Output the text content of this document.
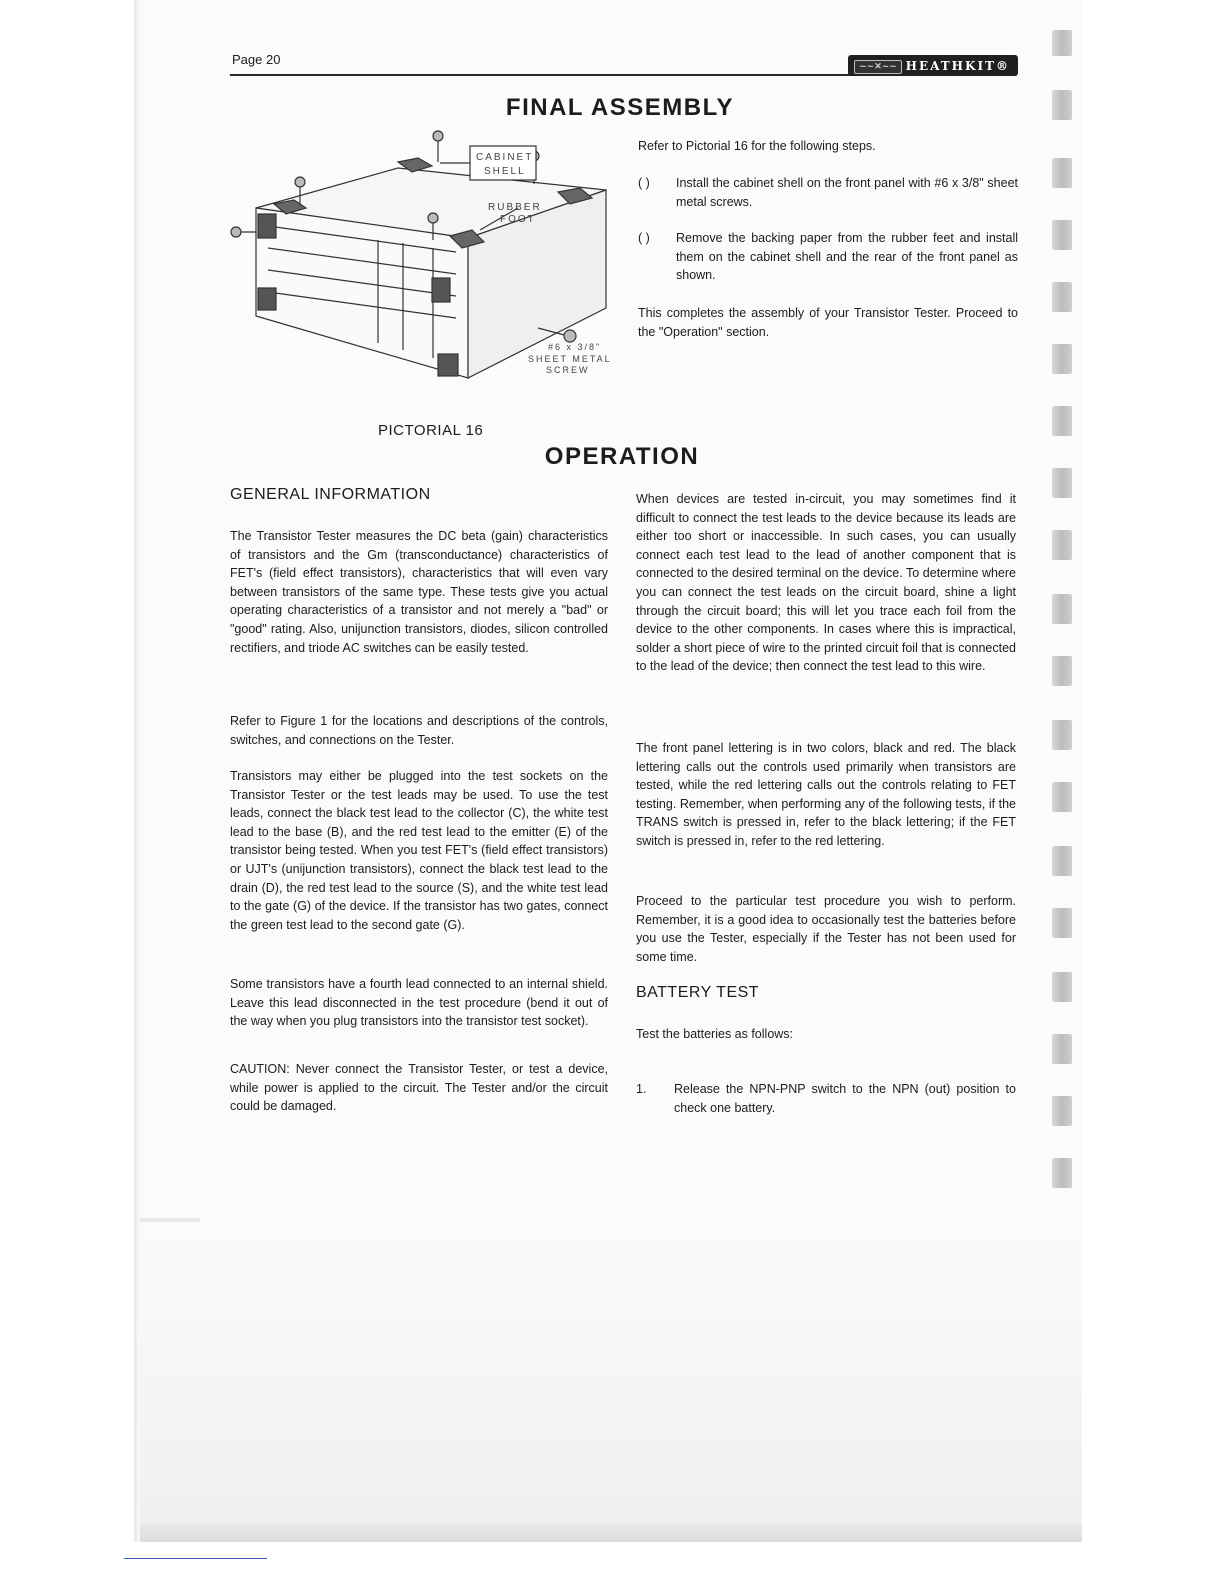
Page 20	~~✕~~ HEATHKIT®
FINAL ASSEMBLY
CABINET
SHELL
RUBBER
FOOT
#6 x 3/8"
SHEET METAL
SCREW

Refer to Pictorial 16 for the following steps.

( )	Install the cabinet shell on the front panel with #6 x 3/8" sheet metal screws.
( )	Remove the backing paper from the rubber feet and install them on the cabinet shell and the rear of the front panel as shown.

This completes the assembly of your Transistor Tester. Proceed to the "Operation" section.

PICTORIAL 16
OPERATION
GENERAL INFORMATION

The Transistor Tester measures the DC beta (gain) characteristics of transistors and the Gm (transconductance) characteristics of FET's (field effect transistors), characteristics that will even vary between transistors of the same type. These tests give you actual operating characteristics of a transistor and not merely a "bad" or "good" rating. Also, unijunction transistors, diodes, silicon controlled rectifiers, and triode AC switches can be easily tested.

Refer to Figure 1 for the locations and descriptions of the controls, switches, and connections on the Tester.

Transistors may either be plugged into the test sockets on the Transistor Tester or the test leads may be used. To use the test leads, connect the black test lead to the collector (C), the white test lead to the base (B), and the red test lead to the emitter (E) of the transistor being tested. When you test FET's (field effect transistors) or UJT's (unijunction transistors), connect the black test lead to the drain (D), the red test lead to the source (S), and the white test lead to the gate (G) of the device. If the transistor has two gates, connect the green test lead to the second gate (G).

Some transistors have a fourth lead connected to an internal shield. Leave this lead disconnected in the test procedure (bend it out of the way when you plug transistors into the transistor test socket).

CAUTION: Never connect the Transistor Tester, or test a device, while power is applied to the circuit. The Tester and/or the circuit could be damaged.

When devices are tested in-circuit, you may sometimes find it difficult to connect the test leads to the device because its leads are either too short or inaccessible. In such cases, you can usually connect each test lead to the lead of another component that is connected to the desired terminal on the device. To determine where you can connect the test leads on the circuit board, shine a light through the circuit board; this will let you trace each foil from the device to the other components. In cases where this is impractical, solder a short piece of wire to the printed circuit foil that is connected to the lead of the device; then connect the test lead to this wire.

The front panel lettering is in two colors, black and red. The black lettering calls out the controls used primarily when transistors are tested, while the red lettering calls out the controls relating to FET testing. Remember, when performing any of the following tests, if the TRANS switch is pressed in, refer to the black lettering; if the FET switch is pressed in, refer to the red lettering.

Proceed to the particular test procedure you wish to perform. Remember, it is a good idea to occasionally test the batteries before you use the Tester, especially if the Tester has not been used for some time.

BATTERY TEST

Test the batteries as follows:

1.	Release the NPN-PNP switch to the NPN (out) position to check one battery.
